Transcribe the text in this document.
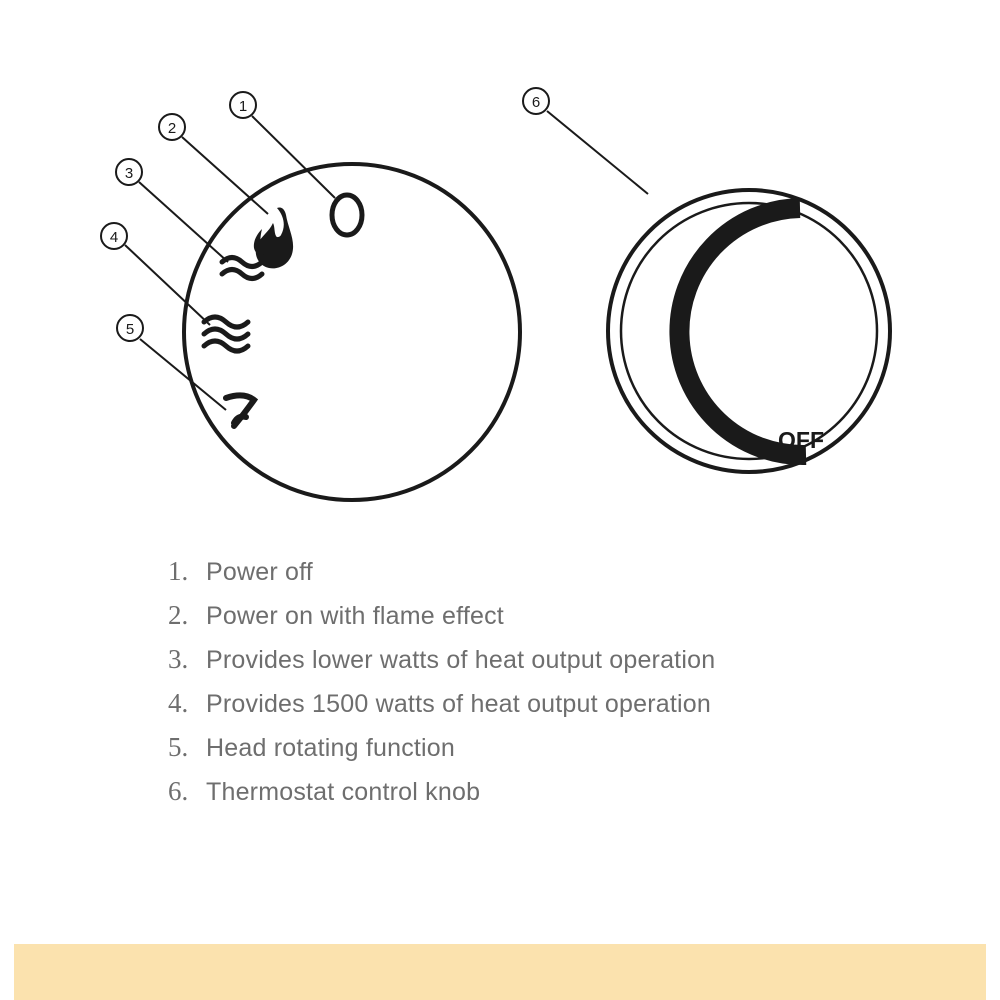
1
2
3
4
5
OFF
6
1. Power off
2. Power on with flame effect
3. Provides lower watts of heat output operation
4. Provides 1500 watts of heat output operation
5. Head rotating function
6. Thermostat control knob
